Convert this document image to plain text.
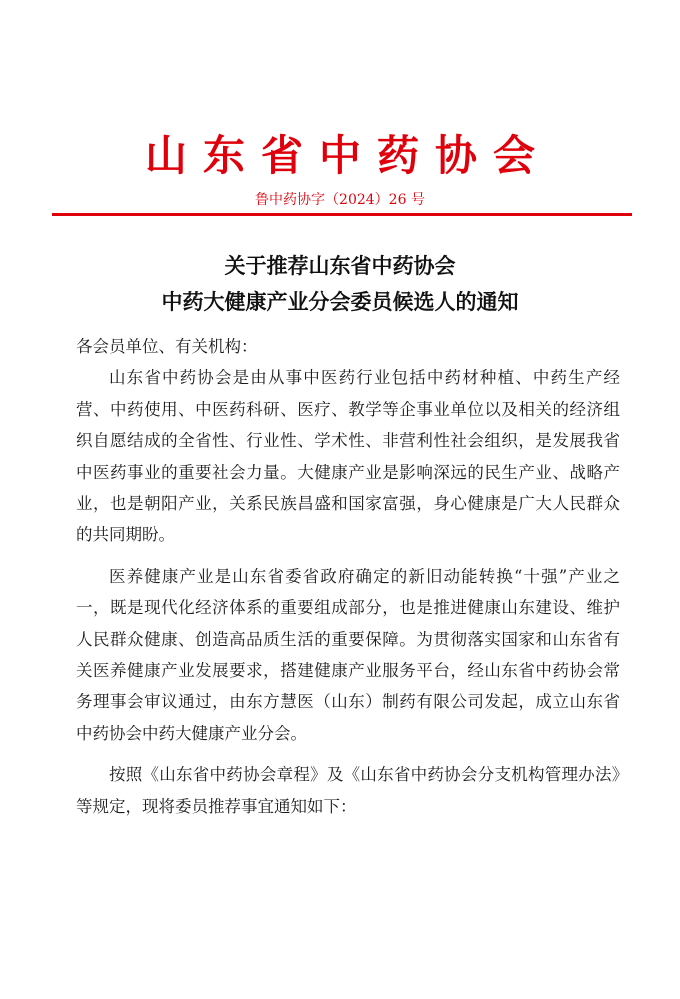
山东省中药协会
鲁中药协字（2024）26 号
关于推荐山东省中药协会
中药大健康产业分会委员候选人的通知

各会员单位、有关机构：

山东省中药协会是由从事中医药行业包括中药材种植、中药生产经营、中药使用、中医药科研、医疗、教学等企事业单位以及相关的经济组织自愿结成的全省性、行业性、学术性、非营利性社会组织，是发展我省中医药事业的重要社会力量。大健康产业是影响深远的民生产业、战略产业，也是朝阳产业，关系民族昌盛和国家富强，身心健康是广大人民群众的共同期盼。

医养健康产业是山东省委省政府确定的新旧动能转换“十强”产业之一，既是现代化经济体系的重要组成部分，也是推进健康山东建设、维护人民群众健康、创造高品质生活的重要保障。为贯彻落实国家和山东省有关医养健康产业发展要求，搭建健康产业服务平台，经山东省中药协会常务理事会审议通过，由东方慧医（山东）制药有限公司发起，成立山东省中药协会中药大健康产业分会。

按照《山东省中药协会章程》及《山东省中药协会分支机构管理办法》等规定，现将委员推荐事宜通知如下：
